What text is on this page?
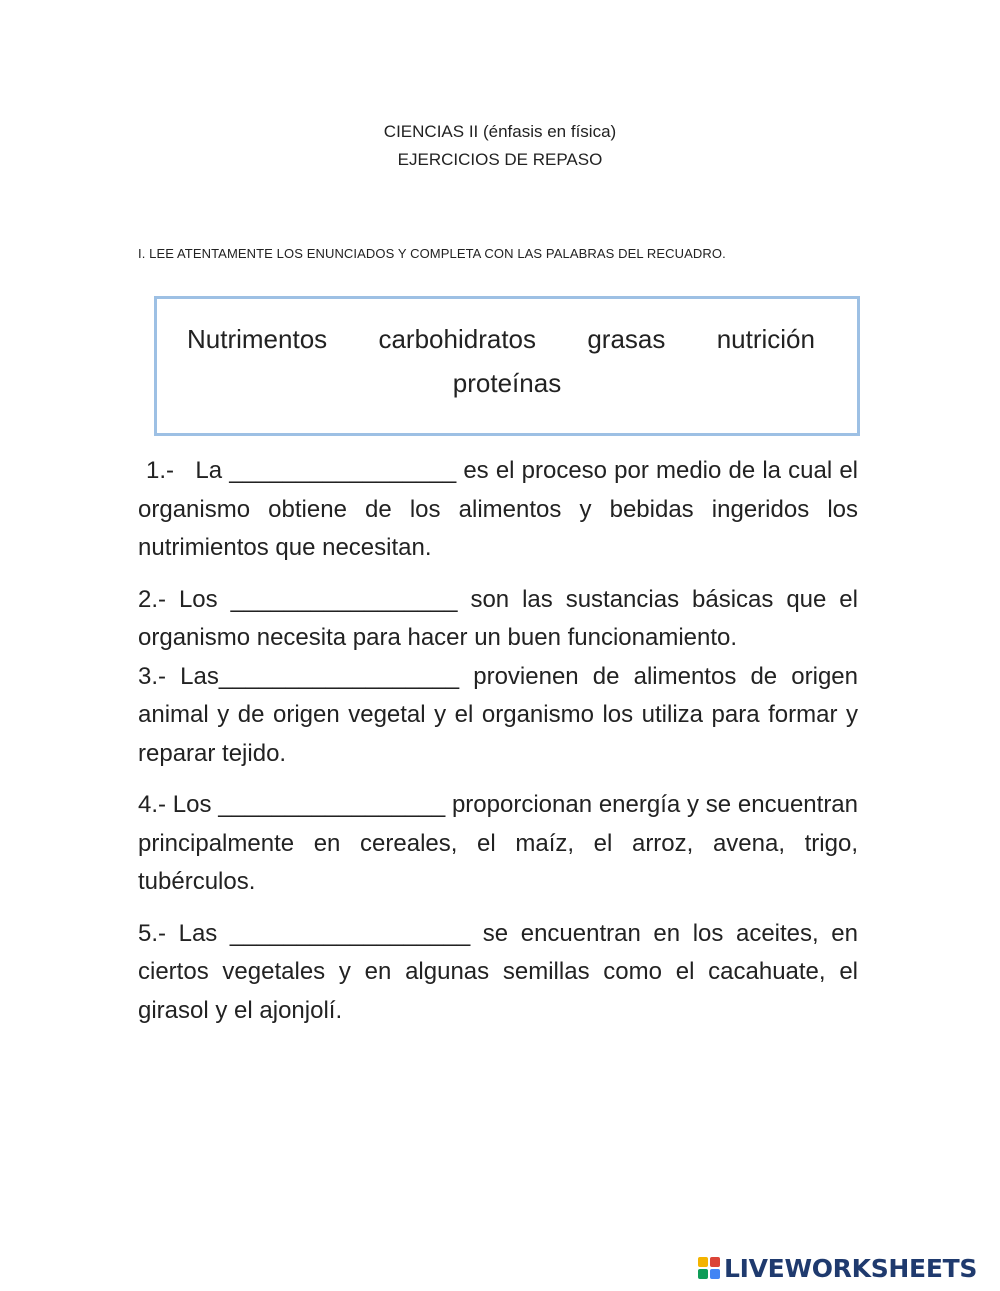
CIENCIAS II (énfasis en física)
EJERCICIOS DE REPASO
I. LEE ATENTAMENTE LOS ENUNCIADOS Y COMPLETA CON LAS PALABRAS DEL RECUADRO.
Nutrimentos carbohidratos grasas nutrición
proteínas

1.-   La _________________ es el proceso por medio de la cual el organismo obtiene de los alimentos y bebidas ingeridos los nutrimientos que necesitan.

2.- Los _________________ son las sustancias básicas que el organismo necesita para hacer un buen funcionamiento.

3.- Las__________________ provienen de alimentos de origen animal y de origen vegetal y el organismo los utiliza para formar y reparar tejido.

4.- Los _________________ proporcionan energía y se encuentran principalmente en cereales, el maíz, el arroz, avena, trigo, tubérculos.

5.- Las __________________ se encuentran en los aceites, en ciertos vegetales y en algunas semillas como el cacahuate, el girasol y el ajonjolí.

LIVEWORKSHEETS
